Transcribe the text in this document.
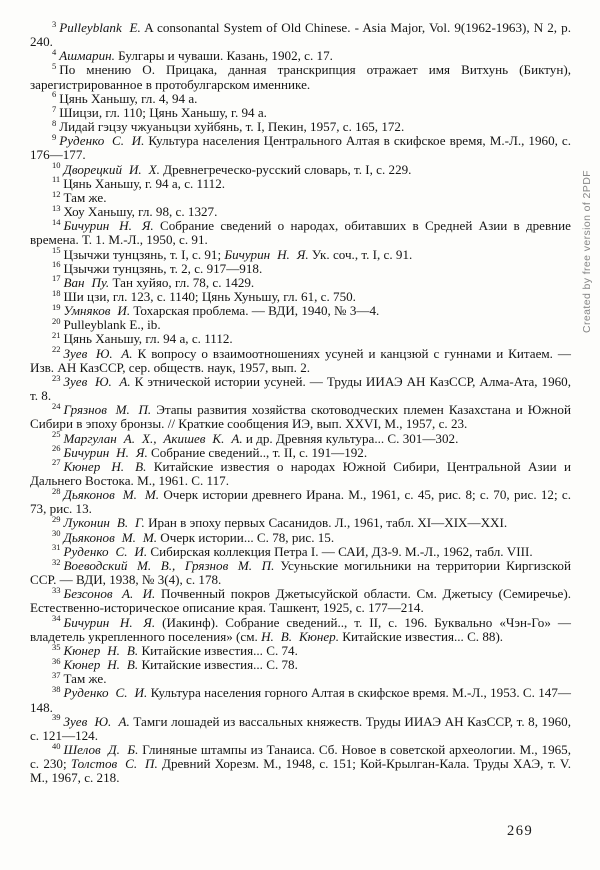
$^3$ Pulleyblank E. A consonantal System of Old Chinese. - Asia Major, Vol. 9(1962-1963), N 2, p. 240.

$^4$ Ашмарин. Булгары и чуваши. Казань, 1902, с. 17.

$^5$ По мнению О. Прицака, данная транскрипция отражает имя Витхунь (Биктун), зарегистрированное в протобулгарском именнике.

$^6$ Цянь Ханьшу, гл. 4, 94 а.

$^7$ Шицзи, гл. 110; Цянь Ханьшу, г. 94 а.

$^8$ Лидай гэцзу чжуаньцзи хуйбянь, т. I, Пекин, 1957, с. 165, 172.

$^9$ Руденко С. И. Культура населения Центрального Алтая в скифское время, М.-Л., 1960, с. 176—177.

$^{10}$ Дворецкий И. Х. Древнегреческо-русский словарь, т. I, с. 229.

$^{11}$ Цянь Ханьшу, г. 94 а, с. 1112.

$^{12}$ Там же.

$^{13}$ Хоу Ханьшу, гл. 98, с. 1327.

$^{14}$ Бичурин Н. Я. Собрание сведений о народах, обитавших в Средней Азии в древние времена. Т. 1. М.-Л., 1950, с. 91.

$^{15}$ Цзычжи тунцзянь, т. I, с. 91; Бичурин Н. Я. Ук. соч., т. I, с. 91.

$^{16}$ Цзычжи тунцзянь, т. 2, с. 917—918.

$^{17}$ Ван Пу. Тан хуйяо, гл. 78, с. 1429.

$^{18}$ Ши цзи, гл. 123, с. 1140; Цянь Хуньшу, гл. 61, с. 750.

$^{19}$ Умняков И. Тохарская проблема. — ВДИ, 1940, № 3—4.

$^{20}$ Pulleyblank E., ib.

$^{21}$ Цянь Ханьшу, гл. 94 а, с. 1112.

$^{22}$ Зуев Ю. А. К вопросу о взаимоотношениях усуней и канцзюй с гуннами и Китаем. — Изв. АН КазССР, сер. обществ. наук, 1957, вып. 2.

$^{23}$ Зуев Ю. А. К этнической истории усуней. — Труды ИИАЭ АН КазССР, Алма-Ата, 1960, т. 8.

$^{24}$ Грязнов М. П. Этапы развития хозяйства скотоводческих племен Казахстана и Южной Сибири в эпоху бронзы. // Краткие сообщения ИЭ, вып. XXVI, М., 1957, с. 23.

$^{25}$ Маргулан А. Х., Акишев К. А. и др. Древняя культура... С. 301—302.

$^{26}$ Бичурин Н. Я. Собрание сведений.., т. II, с. 191—192.

$^{27}$ Кюнер Н. В. Китайские известия о народах Южной Сибири, Центральной Азии и Дальнего Востока. М., 1961. С. 117.

$^{28}$ Дьяконов М. М. Очерк истории древнего Ирана. М., 1961, с. 45, рис. 8; с. 70, рис. 12; с. 73, рис. 13.

$^{29}$ Луконин В. Г. Иран в эпоху первых Сасанидов. Л., 1961, табл. XI—XIX—XXI.

$^{30}$ Дьяконов М. М. Очерк истории... С. 78, рис. 15.

$^{31}$ Руденко С. И. Сибирская коллекция Петра I. — САИ, ДЗ-9. М.-Л., 1962, табл. VIII.

$^{32}$ Воеводский М. В., Грязнов М. П. Усуньские могильники на территории Киргизской ССР. — ВДИ, 1938, № 3(4), с. 178.

$^{33}$ Безсонов А. И. Почвенный покров Джетысуйской области. См. Джетысу (Семиречье). Естественно-историческое описание края. Ташкент, 1925, с. 177—214.

$^{34}$ Бичурин Н. Я. (Иакинф). Собрание сведений.., т. II, с. 196. Буквально «Чэн-Го» — владетель укрепленного поселения» (см. Н. В. Кюнер. Китайские известия... С. 88).

$^{35}$ Кюнер Н. В. Китайские известия... С. 74.

$^{36}$ Кюнер Н. В. Китайские известия... С. 78.

$^{37}$ Там же.

$^{38}$ Руденко С. И. Культура населения горного Алтая в скифское время. М.-Л., 1953. С. 147—148.

$^{39}$ Зуев Ю. А. Тамги лошадей из вассальных княжеств. Труды ИИАЭ АН КазССР, т. 8, 1960, с. 121—124.

$^{40}$ Шелов Д. Б. Глиняные штампы из Танаиса. Сб. Новое в советской археологии. М., 1965, с. 230; Толстов С. П. Древний Хорезм. М., 1948, с. 151; Кой-Крылган-Кала. Труды ХАЭ, т. V. М., 1967, с. 218.

Created by free version of 2PDF
269
